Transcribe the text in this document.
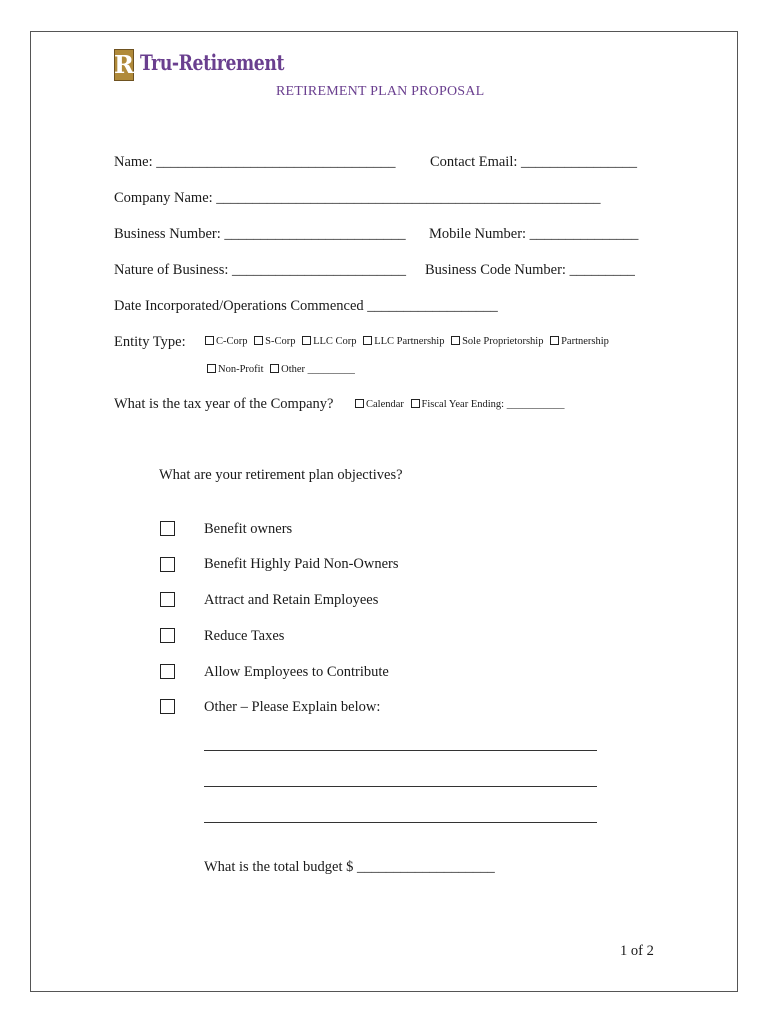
R Tru-Retirement
RETIREMENT PLAN PROPOSAL
Name: _________________________________ Contact Email: ________________
Company Name: _____________________________________________________
Business Number: _________________________ Mobile Number: _______________
Nature of Business: ________________________ Business Code Number: _________
Date Incorporated/Operations Commenced __________________
Entity Type:	C-Corp S-Corp LLC Corp LLC Partnership Sole Proprietorship Partnership
Non-Profit Other _________
What is the tax year of the Company?	Calendar Fiscal Year Ending: ___________
What are your retirement plan objectives?
Benefit owners
Benefit Highly Paid Non-Owners
Attract and Retain Employees
Reduce Taxes
Allow Employees to Contribute
Other – Please Explain below:
What is the total budget $ ___________________
1 of 2
